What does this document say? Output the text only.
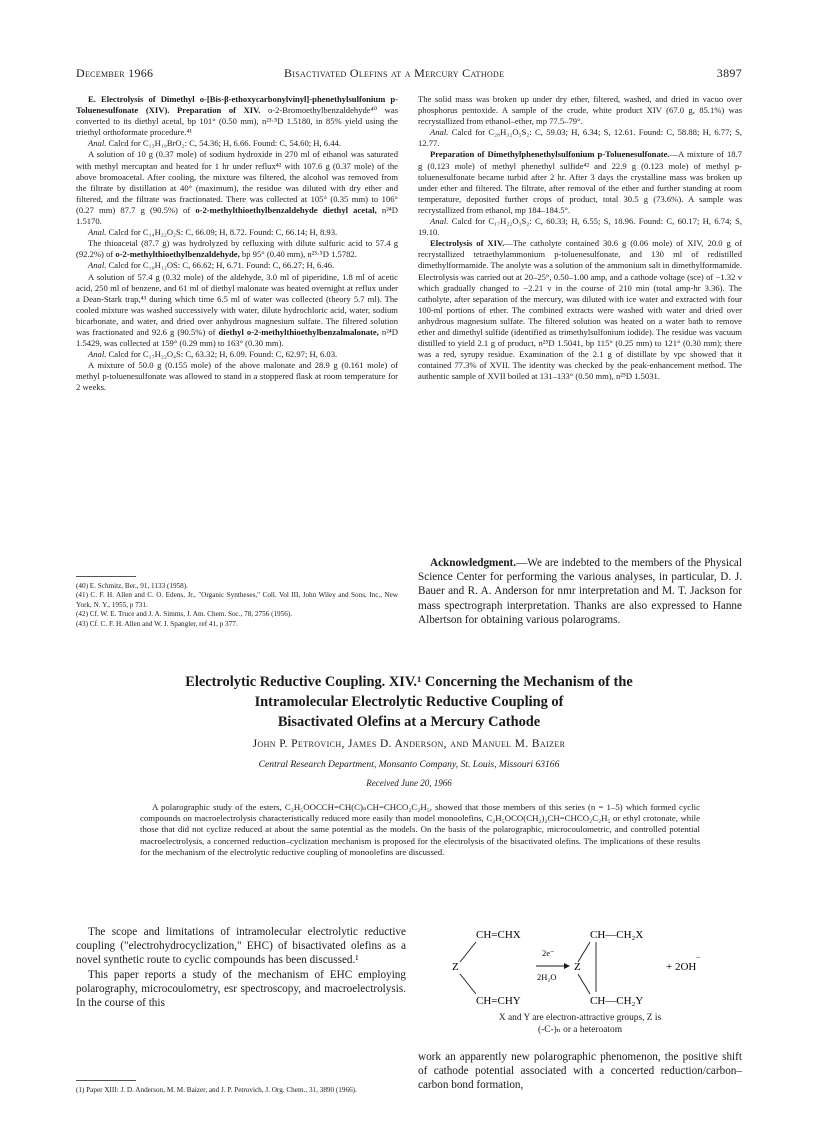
December 1966	Bisactivated Olefins at a Mercury Cathode	3897

E. Electrolysis of Dimethyl o-[Bis-β-ethoxycarbonylvinyl]-phenethylsulfonium p-Toluenesulfonate (XIV). Preparation of XIV. o-2-Bromoethylbenzaldehyde⁴⁰ was converted to its diethyl acetal, bp 101° (0.50 mm), n²³·⁵D 1.5180, in 85% yield using the triethyl orthoformate procedure.⁴¹

Anal. Calcd for C₁₃H₁₉BrO₂: C, 54.36; H, 6.66. Found: C, 54.60; H, 6.44.

A solution of 10 g (0.37 mole) of sodium hydroxide in 270 ml of ethanol was saturated with methyl mercaptan and heated for 1 hr under reflux⁴² with 107.6 g (0.37 mole) of the above bromoacetal. After cooling, the mixture was filtered, the alcohol was removed from the filtrate by distillation at 40° (maximum), the residue was diluted with dry ether and filtered, and the filtrate was fractionated. There was collected at 105° (0.35 mm) to 106° (0.27 mm) 87.7 g (90.5%) of o-2-methylthioethylbenzaldehyde diethyl acetal, n²⁴D 1.5170.

Anal. Calcd for C₁₄H₂₂O₂S: C, 66.09; H, 8.72. Found: C, 66.14; H, 8.93.

The thioacetal (87.7 g) was hydrolyzed by refluxing with dilute sulfuric acid to 57.4 g (92.2%) of o-2-methylthioethylbenzaldehyde, bp 95° (0.40 mm), n²³·⁵D 1.5782.

Anal. Calcd for C₁₀H₁₂OS: C, 66.62; H, 6.71. Found: C, 66.27; H, 6.46.

A solution of 57.4 g (0.32 mole) of the aldehyde, 3.0 ml of piperidine, 1.8 ml of acetic acid, 250 ml of benzene, and 61 ml of diethyl malonate was heated overnight at reflux under a Dean-Stark trap,⁴³ during which time 6.5 ml of water was collected (theory 5.7 ml). The cooled mixture was washed successively with water, dilute hydrochloric acid, water, sodium bicarbonate, and water, and dried over anhydrous magnesium sulfate. The filtered solution was fractionated and 92.6 g (90.5%) of diethyl o-2-methylthioethylbenzalmalonate, n²⁴D 1.5429, was collected at 159° (0.29 mm) to 163° (0.30 mm).

Anal. Calcd for C₁₇H₂₂O₄S: C, 63.32; H, 6.09. Found: C, 62.97; H, 6.03.

A mixture of 50.0 g (0.155 mole) of the above malonate and 28.9 g (0.161 mole) of methyl p-toluenesulfonate was allowed to stand in a stoppered flask at room temperature for 2 weeks.

(40) E. Schmitz, Ber., 91, 1133 (1958).
(41) C. F. H. Allen and C. O. Edens, Jr., "Organic Syntheses," Coll. Vol III, John Wiley and Sons, Inc., New York, N. Y., 1955, p 731.
(42) Cf. W. E. Truce and J. A. Simms, J. Am. Chem. Soc., 78, 2756 (1956).
(43) Cf. C. F. H. Allen and W. J. Spangler, ref 41, p 377.

The solid mass was broken up under dry ether, filtered, washed, and dried in vacuo over phosphorus pentoxide. A sample of the crude, white product XIV (67.0 g, 85.1%) was recrystallized from ethanol–ether, mp 77.5–79°.

Anal. Calcd for C₂₈H₃₂O₅S₂: C, 59.03; H, 6.34; S, 12.61. Found: C, 58.88; H, 6.77; S, 12.77.

Preparation of Dimethylphenethylsulfonium p-Toluenesulfonate.—A mixture of 18.7 g (0.123 mole) of methyl phenethyl sulfide⁴² and 22.9 g (0.123 mole) of methyl p-toluenesulfonate became turbid after 2 hr. After 3 days the crystalline mass was broken up under ether and filtered. The filtrate, after removal of the ether and further standing at room temperature, deposited further crops of product, total 30.5 g (73.6%). A sample was recrystallized from ethanol, mp 184–184.5°.

Anal. Calcd for C₁₇H₂₂O₃S₂: C, 60.33; H, 6.55; S, 18.96. Found: C, 60.17; H, 6.74; S, 19.10.

Electrolysis of XIV.—The catholyte contained 30.6 g (0.06 mole) of XIV, 20.0 g of recrystallized tetraethylammonium p-toluenesulfonate, and 130 ml of redistilled dimethylformamide. The anolyte was a solution of the ammonium salt in dimethylformamide. Electrolysis was carried out at 20–25°, 0.50–1.00 amp, and a cathode voltage (sce) of −1.32 v which gradually changed to −2.21 v in the course of 210 min (total amp-hr 3.36). The catholyte, after separation of the mercury, was diluted with ice water and extracted with four 100-ml portions of ether. The combined extracts were washed with water and dried over anhydrous magnesium sulfate. The filtered solution was heated on a water bath to remove ether and dimethyl sulfide (identified as trimethylsulfonium iodide). The residue was vacuum distilled to yield 2.1 g of product, n²⁵D 1.5041, bp 115° (0.25 mm) to 121° (0.30 mm); there was a red, syrupy residue. Examination of the 2.1 g of distillate by vpc showed that it contained 77.3% of XVII. The identity was checked by the peak-enhancement method. The authentic sample of XVII boiled at 131–133° (0.50 mm), n²⁵D 1.5031.

Acknowledgment.—We are indebted to the members of the Physical Science Center for performing the various analyses, in particular, D. J. Bauer and R. A. Anderson for nmr interpretation and M. T. Jackson for mass spectrograph interpretation. Thanks are also expressed to Hanne Albertson for obtaining various polarograms.

Electrolytic Reductive Coupling. XIV.¹ Concerning the Mechanism of the
Intramolecular Electrolytic Reductive Coupling of
Bisactivated Olefins at a Mercury Cathode
John P. Petrovich, James D. Anderson, and Manuel M. Baizer
Central Research Department, Monsanto Company, St. Louis, Missouri 63166
Received June 20, 1966

A polarographic study of the esters, C₂H₅OOCCH=CH(C)ₙCH=CHCO₂C₂H₅, showed that those members of this series (n = 1–5) which formed cyclic compounds on macroelectrolysis characteristically reduced more easily than model monoolefins, C₂H₅OCO(CH₂)₂CH=CHCO₂C₂H₅ or ethyl crotonate, while those that did not cyclize reduced at about the same potential as the models. On the basis of the polarographic, microcoulometric, and controlled potential macroelectrolysis, a concerned reduction–cyclization mechanism is proposed for the electrolysis of the bisactivated olefins. The implications of these results for the mechanism of the electrolytic reductive coupling of monoolefins are discussed.

The scope and limitations of intramolecular electrolytic reductive coupling ("electrohydrocyclization," EHC) of bisactivated olefins as a novel synthetic route to cyclic compounds has been discussed.¹

This paper reports a study of the mechanism of EHC employing polarography, microcoulometry, esr spectroscopy, and macroelectrolysis. In the course of this

(1) Paper XIII: J. D. Anderson, M. M. Baizer, and J. P. Petrovich, J. Org. Chem., 31, 3890 (1966).
CH=CHX
Z
CH=CHY
2e⁻
2H₂O
CH—CH₂X
Z
CH—CH₂Y
+ 2OH
−
X and Y are electron-attractive groups, Z is
(-C-)ₙ or a heteroatom

work an apparently new polarographic phenomenon, the positive shift of cathode potential associated with a concerted reduction/carbon–carbon bond formation,
